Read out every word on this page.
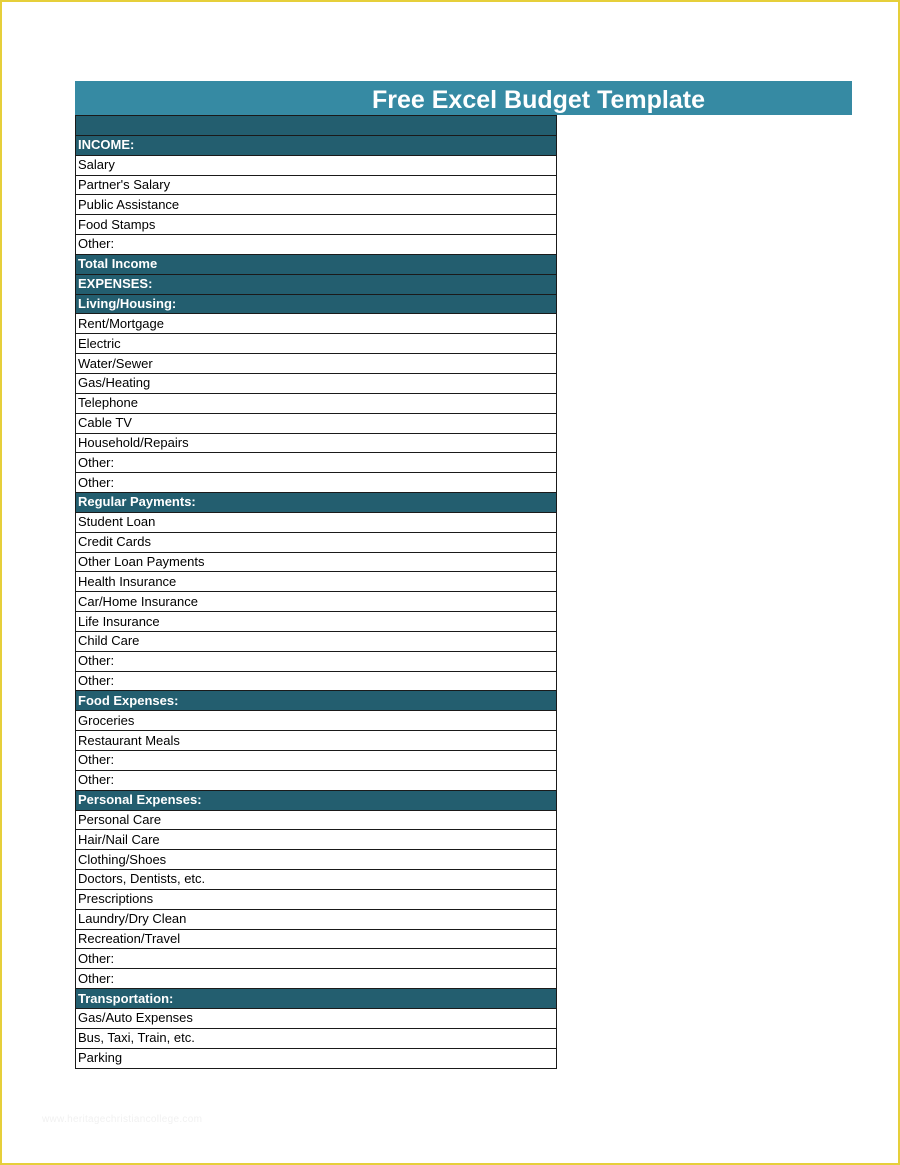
Free Excel Budget Template

INCOME:
Salary
Partner's Salary
Public Assistance
Food Stamps
Other:
Total Income
EXPENSES:
Living/Housing:
Rent/Mortgage
Electric
Water/Sewer
Gas/Heating
Telephone
Cable TV
Household/Repairs
Other:
Other:
Regular Payments:
Student Loan
Credit Cards
Other Loan Payments
Health Insurance
Car/Home Insurance
Life Insurance
Child Care
Other:
Other:
Food Expenses:
Groceries
Restaurant Meals
Other:
Other:
Personal Expenses:
Personal Care
Hair/Nail Care
Clothing/Shoes
Doctors, Dentists, etc.
Prescriptions
Laundry/Dry Clean
Recreation/Travel
Other:
Other:
Transportation:
Gas/Auto Expenses
Bus, Taxi, Train, etc.
Parking
www.heritagechristiancollege.com
